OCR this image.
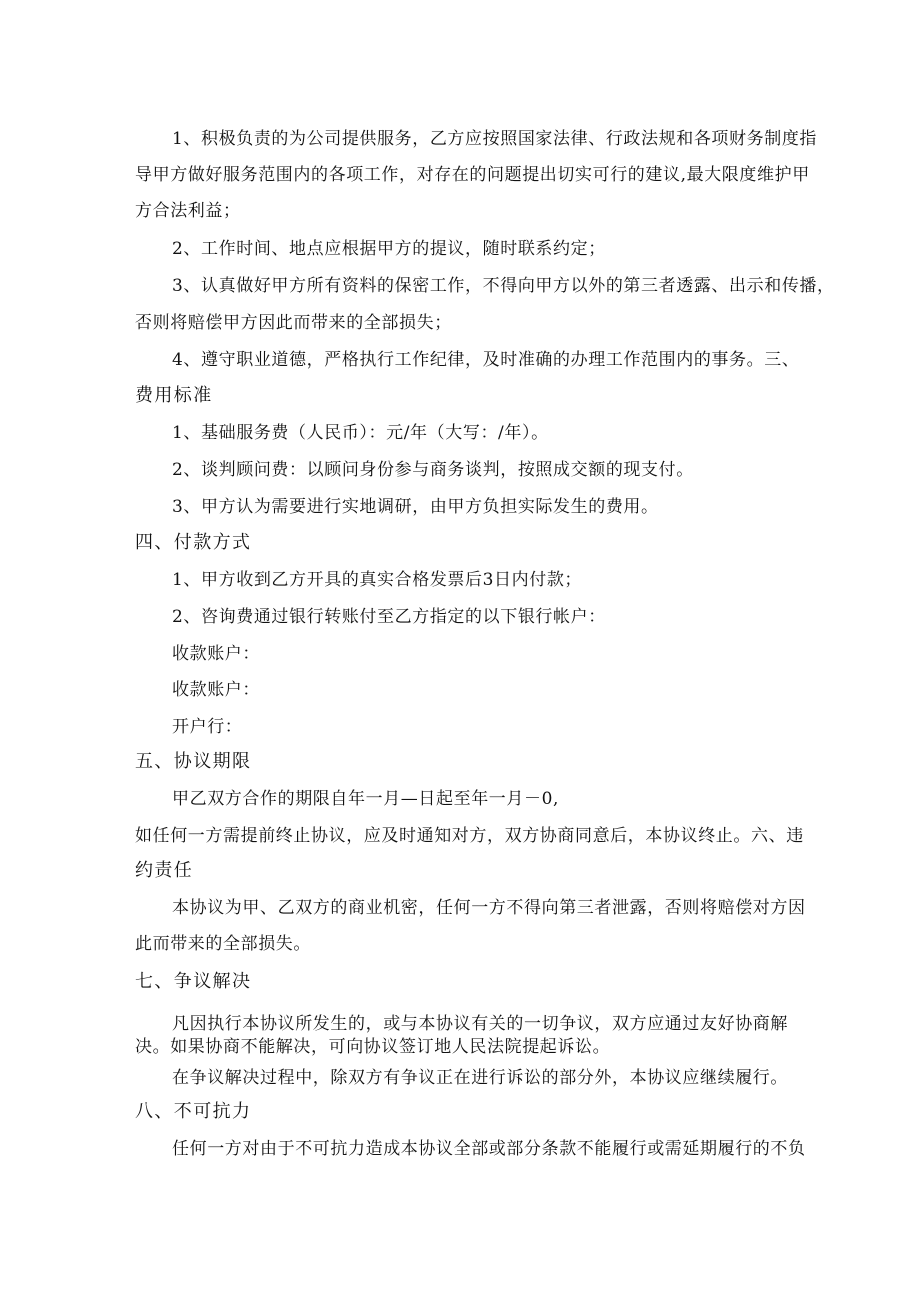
1、积极负责的为公司提供服务，乙方应按照国家法律、行政法规和各项财务制度指
导甲方做好服务范围内的各项工作，对存在的问题提出切实可行的建议,最大限度维护甲
方合法利益；
2、工作时间、地点应根据甲方的提议，随时联系约定；
3、认真做好甲方所有资料的保密工作，不得向甲方以外的第三者透露、出示和传播，
否则将赔偿甲方因此而带来的全部损失；
4、遵守职业道德，严格执行工作纪律，及时准确的办理工作范围内的事务。三、
费用标准
1、基础服务费（人民币）：元/年（大写：/年）。
2、谈判顾问费：以顾问身份参与商务谈判，按照成交额的现支付。
3、甲方认为需要进行实地调研，由甲方负担实际发生的费用。
四、付款方式
1、甲方收到乙方开具的真实合格发票后3日内付款；
2、咨询费通过银行转账付至乙方指定的以下银行帐户：
收款账户：
收款账户：
开户行：
五、协议期限
甲乙双方合作的期限自年一月—日起至年一月－0,
如任何一方需提前终止协议，应及时通知对方，双方协商同意后，本协议终止。六、违
约责任
本协议为甲、乙双方的商业机密，任何一方不得向第三者泄露，否则将赔偿对方因
此而带来的全部损失。
七、争议解决
凡因执行本协议所发生的，或与本协议有关的一切争议，双方应通过友好协商解
决。如果协商不能解决，可向协议签订地人民法院提起诉讼。
在争议解决过程中，除双方有争议正在进行诉讼的部分外，本协议应继续履行。
八、不可抗力
任何一方对由于不可抗力造成本协议全部或部分条款不能履行或需延期履行的不负
